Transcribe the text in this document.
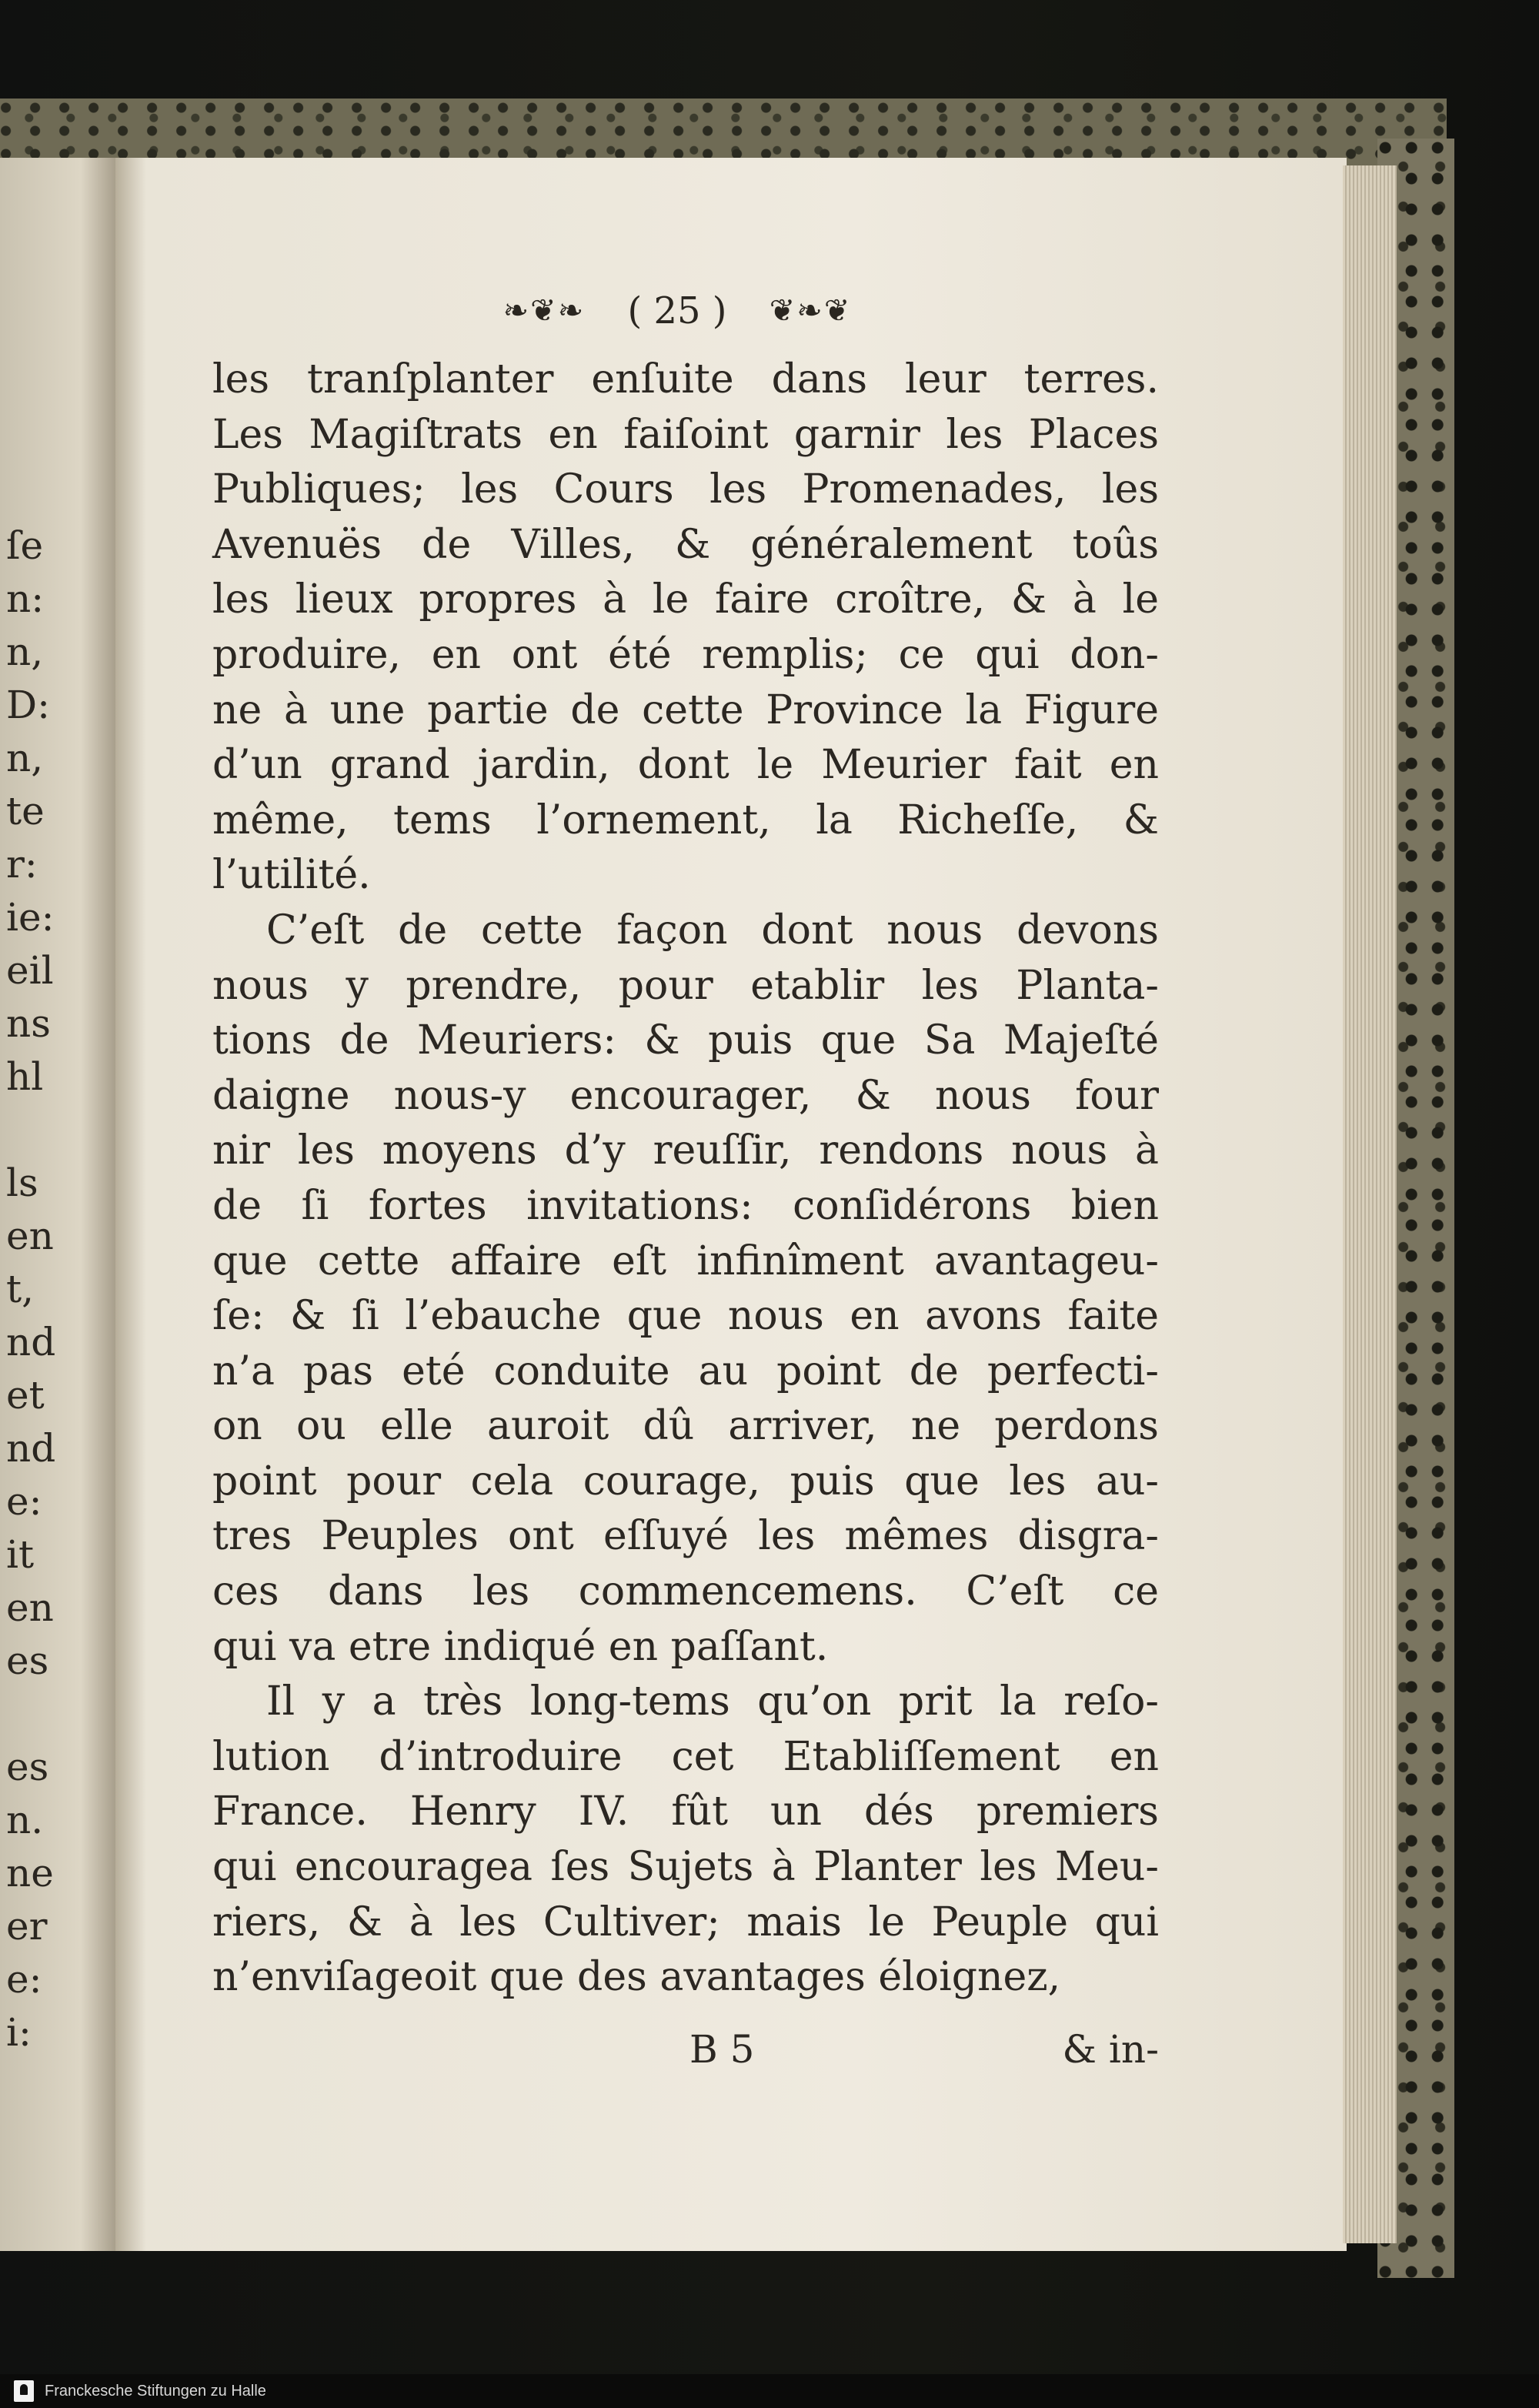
ſe
n:
n,
D:
n,
te
r:
ie:
eil
ns
hl
ls
en
t,
nd
et
nd
e:
it
en
es
es
n.
ne
er
e:
i:
❧❦❧ ( 25 ) ❦❧❦
les tranſplanter enſuite dans leur terres.
Les Magiſtrats en faiſoint garnir les Places
Publiques; les Cours les Promenades, les
Avenuës de Villes, & généralement toûs
les lieux propres à le faire croître, & à le
produire, en ont été remplis; ce qui don-
ne à une partie de cette Province la Figure
d’un grand jardin, dont le Meurier fait en
même, tems l’ornement, la Richeſſe, &
l’utilité.
C’eſt de cette façon dont nous devons
nous y prendre, pour etablir les Planta-
tions de Meuriers: & puis que Sa Majeſté
daigne nous-y encourager, & nous four
nir les moyens d’y reuſſir, rendons nous à
de ſi fortes invitations: conſidérons bien
que cette affaire eſt infinîment avantageu-
ſe: & ſi l’ebauche que nous en avons faite
n’a pas eté conduite au point de perfecti-
on ou elle auroit dû arriver, ne perdons
point pour cela courage, puis que les au-
tres Peuples ont eſſuyé les mêmes disgra-
ces dans les commencemens. C’eſt ce
qui va etre indiqué en paſſant.
Il y a très long-tems qu’on prit la reſo-
lution d’introduire cet Etabliſſement en
France. Henry IV. fût un dés premiers
qui encouragea ſes Sujets à Planter les Meu-
riers, & à les Cultiver; mais le Peuple qui
n’enviſageoit que des avantages éloignez,
B 5	& in-
Franckesche Stiftungen zu Halle
